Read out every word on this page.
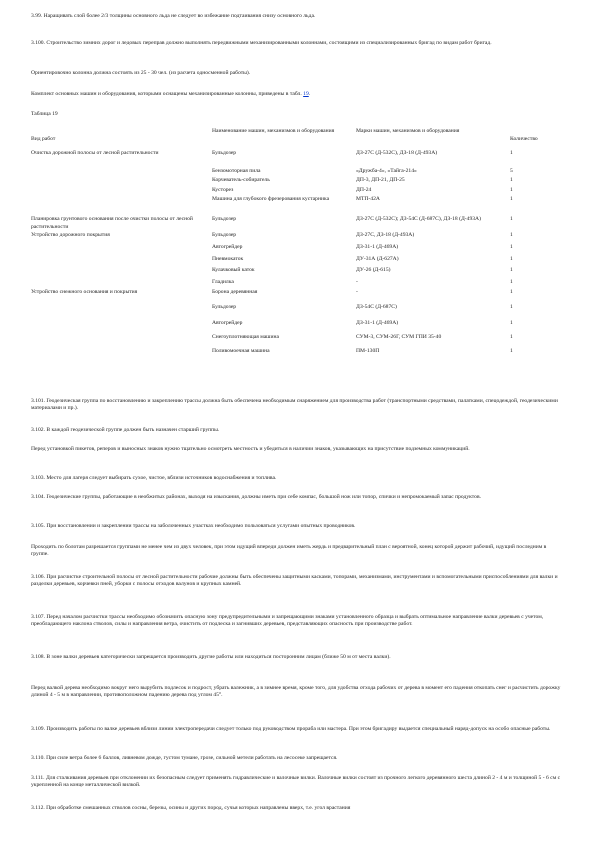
3.99. Наращивать слой более 2/3 толщины основного льда не следует во избежание подтаивания снизу основного льда.

3.100. Строительство зимних дорог и ледовых переправ должно выполнять передвижными механизированными колоннами, состоящими из специализированных бригад по видам работ бригад.

Ориентировочно колонна должна состоять из 25 - 30 чел. (из расчета односменной работы).

Комплект основных машин и оборудования, которыми оснащены механизированные колонны, приведены в табл. 19.

Таблица 19

Вид работ
Наименование машин, механизмов и оборудования	Марки машин, механизмов и оборудования
Количество
Очистка дорожной полосы от лесной растительности	Бульдозер	ДЗ-27С (Д-532С), ДЗ-18 (Д-493А)	1
Бензомоторная пила	«Дружба-4», «Тайга-214»	5
Корчеватель-собиратель	ДП-3, ДП-21, ДП-25	1
Кусторез	ДП-24	1
Машина для глубокого фрезерования кустарника	МТП-42А	1
Планировка грунтового основания после очистки полосы от лесной растительности
Бульдозер	ДЗ-27С (Д-532С); ДЗ-54С (Д-687С), ДЗ-18 (Д-493А)	1
Устройство дорожного покрытия	Бульдозер	ДЗ-27С, ДЗ-18 (Д-493А)	1
Автогрейдер	ДЗ-31-1 (Д-469А)	1
Пневмокаток	ДУ-31А (Д-627А)	1
Кулачковый каток	ДУ-26 (Д-615)	1
Гладилка	-	1
Устройство снежного основания и покрытия	Борона деревянная	-	1
Бульдозер	ДЗ-54С (Д-687С)	1
Автогрейдер	ДЗ-31-1 (Д-469А)	1
Снегоуплотняющая машина	СУМ-3, СУМ-26Г, СУМ ГПИ 35-40	1
Поливомоечная машина	ПМ-130П	1

3.101. Геодезическая группа по восстановлению и закреплению трассы должна быть обеспечена необходимым снаряжением для производства работ (транспортными средствами, палатками, спецодеждой, геодезическими материалами и пр.).

3.102. В каждой геодезической группе должен быть назначен старший группы.

Перед установкой пикетов, реперов и выносных знаков нужно тщательно осмотреть местность и убедиться в наличии знаков, указывающих на присутствие подземных коммуникаций.

3.103. Место для лагеря следует выбирать сухое, чистое, вблизи источников водоснабжения и топлива.

3.104. Геодезические группы, работающие в необжитых районах, выходя на изыскания, должны иметь при себе компас, большой нож или топор, спички и непромокаемый запас продуктов.

3.105. При восстановлении и закреплении трассы на заболоченных участках необходимо пользоваться услугами опытных проводников.

Проходить по болотам разрешается группами не менее чем из двух человек, при этом идущий впереди должен иметь жердь и предварительный план с вероятной, конец которой держит рабочий, идущий последним в группе.

3.106. При расчистке строительной полосы от лесной растительности рабочие должны быть обеспечены защитными касками, топорами, механизмами, инструментами и вспомогательными приспособлениями для валки и разделки деревьев, корчевки пней, уборки с полосы отходов валунов и крупных камней.

3.107. Перед началом расчистки трассы необходимо обозначить опасную зону предупредительными и запрещающими знаками установленного образца и выбрать оптимальное направление валки деревьев с учетом, преобладающего наклона стволов, силы и направления ветра, очистить от подлеска и загнивших деревьев, представляющих опасность при производстве работ.

3.108. В зоне валки деревьев категорически запрещается производить другие работы или находиться посторонним лицам (ближе 50 м от места валки).

Перед валкой дерева необходимо вокруг него вырубить подлесок и подрост, убрать валежник, а в зимнее время, кроме того, для удобства отхода рабочих от дерева в момент его падения откопать снег и расчистить дорожку длиной 4 - 5 м в направлении, противоположном падению дерева под углом 45°.

3.109. Производить работы по валке деревьев вблизи линии электропередачи следует только под руководством прораба или мастера. При этом бригадиру выдается специальный наряд-допуск на особо опасные работы.

3.110. При силе ветра более 6 баллов, ливневом дожде, густом тумане, грозе, сильной метели работать на лесосеке запрещается.

3.111. Для сталкивания деревьев при отклонении их безопасным следует применять гидравлические и валочные вилки. Валочные вилки состоят из прочного легкого деревянного шеста длиной 2 - 4 м и толщиной 5 - 6 см с укрепленной на конце металлической вилкой.

3.112. При обработке смешанных стволов сосны, березы, осины и других пород, сучья которых направлены вверх, т.е. угол врастания
